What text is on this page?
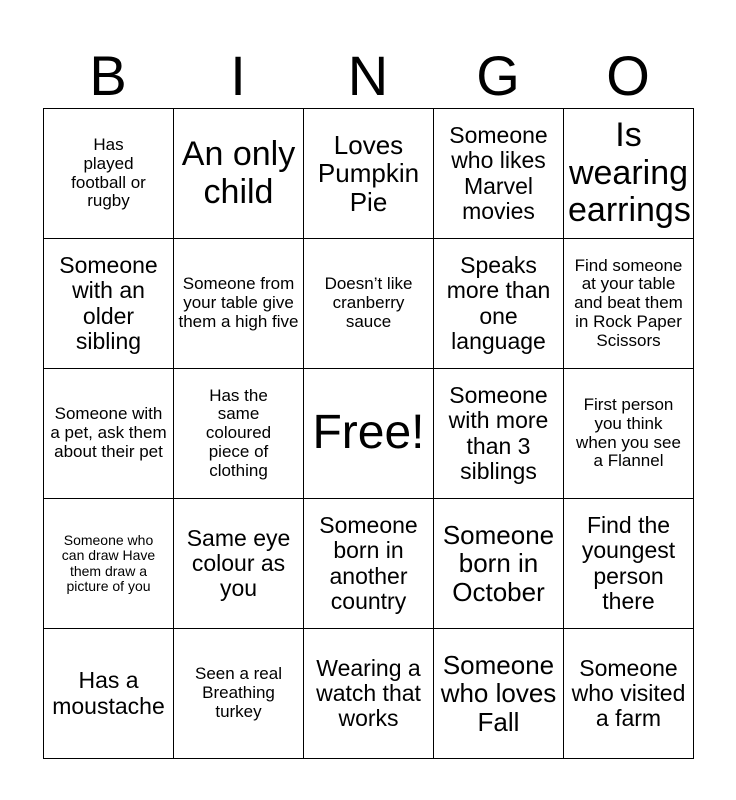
B	I	N	G	O
Has played football or rugby	An only child	Loves Pumpkin Pie	Someone who likes Marvel movies	Is wearing earrings
Someone with an older sibling	Someone from your table give them a high five	Doesn’t like cranberry sauce	Speaks more than one language	Find someone at your table and beat them in Rock Paper Scissors
Someone with a pet, ask them about their pet	Has the same coloured piece of clothing	Free!	Someone with more than 3 siblings	First person you think when you see a Flannel
Someone who can draw Have them draw a picture of you	Same eye colour as you	Someone born in another country	Someone born in October	Find the youngest person there
Has a moustache	Seen a real Breathing turkey	Wearing a watch that works	Someone who loves Fall	Someone who visited a farm
